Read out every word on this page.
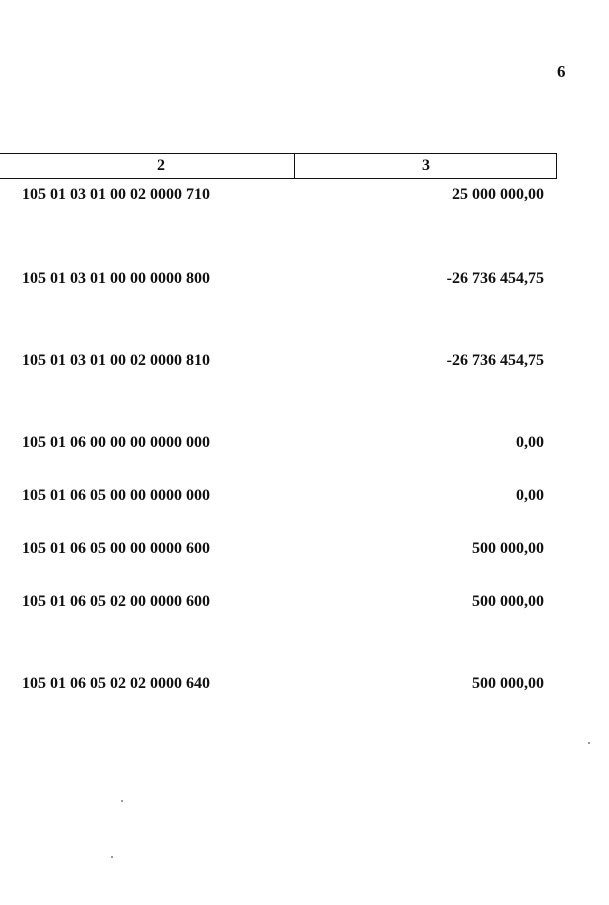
6
2	3
105 01 03 01 00 02 0000 710	25 000 000,00
105 01 03 01 00 00 0000 800	-26 736 454,75
105 01 03 01 00 02 0000 810	-26 736 454,75
105 01 06 00 00 00 0000 000	0,00
105 01 06 05 00 00 0000 000	0,00
105 01 06 05 00 00 0000 600	500 000,00
105 01 06 05 02 00 0000 600	500 000,00
105 01 06 05 02 02 0000 640	500 000,00
